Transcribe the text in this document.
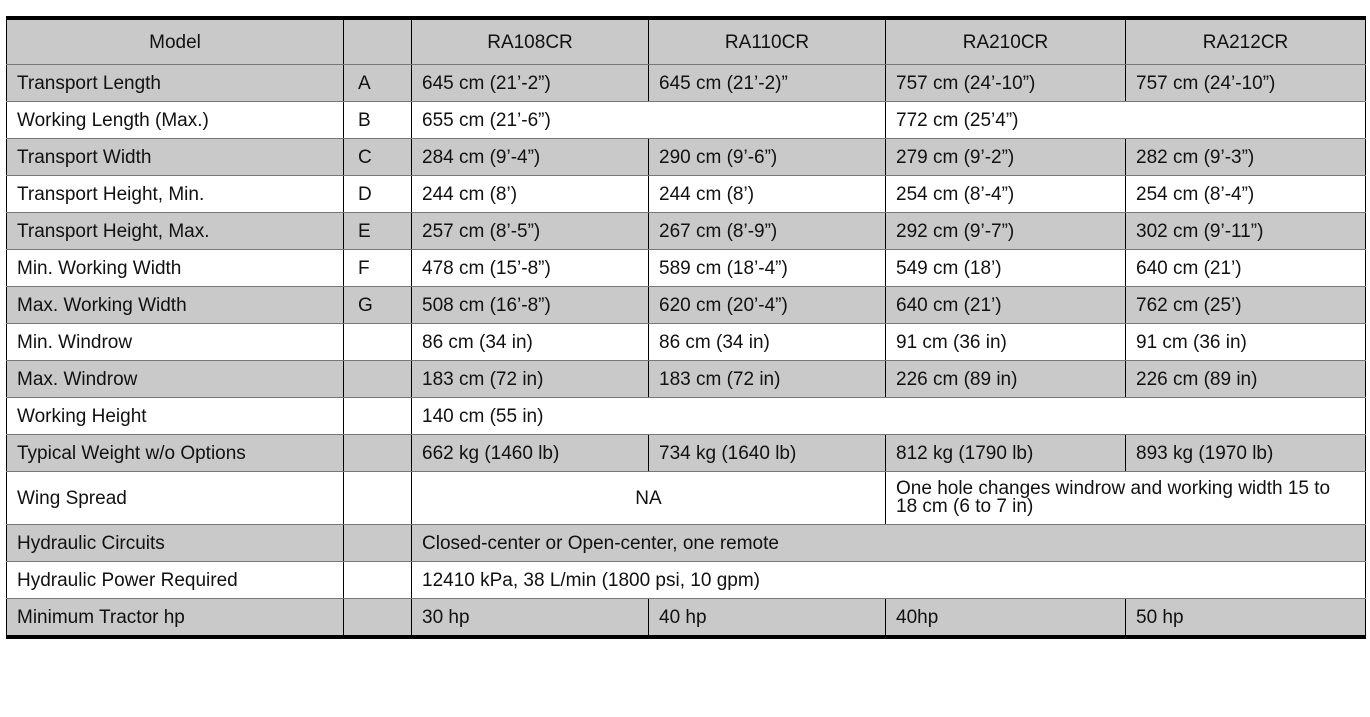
Model		RA108CR	RA110CR	RA210CR	RA212CR
Transport Length	A	645 cm (21’-2”)	645 cm (21’-2)”	757 cm (24’-10”)	757 cm (24’-10”)
Working Length (Max.)	B	655 cm (21’-6”)		772 cm (25’4”)	
Transport Width	C	284 cm (9’-4”)	290 cm (9’-6”)	279 cm (9’-2”)	282 cm (9’-3”)
Transport Height, Min.	D	244 cm (8’)	244 cm (8’)	254 cm (8’-4”)	254 cm (8’-4”)
Transport Height, Max.	E	257 cm (8’-5”)	267 cm (8’-9”)	292 cm (9’-7”)	302 cm (9’-11”)
Min. Working Width	F	478 cm (15’-8”)	589 cm (18’-4”)	549 cm (18’)	640 cm (21’)
Max. Working Width	G	508 cm (16’-8”)	620 cm (20’-4”)	640 cm (21’)	762 cm (25’)
Min. Windrow		86 cm (34 in)	86 cm (34 in)	91 cm (36 in)	91 cm (36 in)
Max. Windrow		183 cm (72 in)	183 cm (72 in)	226 cm (89 in)	226 cm (89 in)
Working Height		140 cm (55 in)			
Typical Weight w/o Options		662 kg (1460 lb)	734 kg (1640 lb)	812 kg (1790 lb)	893 kg (1970 lb)
Wing Spread		NA		One hole changes windrow and working width 15 to 18 cm (6 to 7 in)	
Hydraulic Circuits		Closed-center or Open-center, one remote			
Hydraulic Power Required		12410 kPa, 38 L/min (1800 psi, 10 gpm)			
Minimum Tractor hp		30 hp	40 hp	40hp	50 hp
